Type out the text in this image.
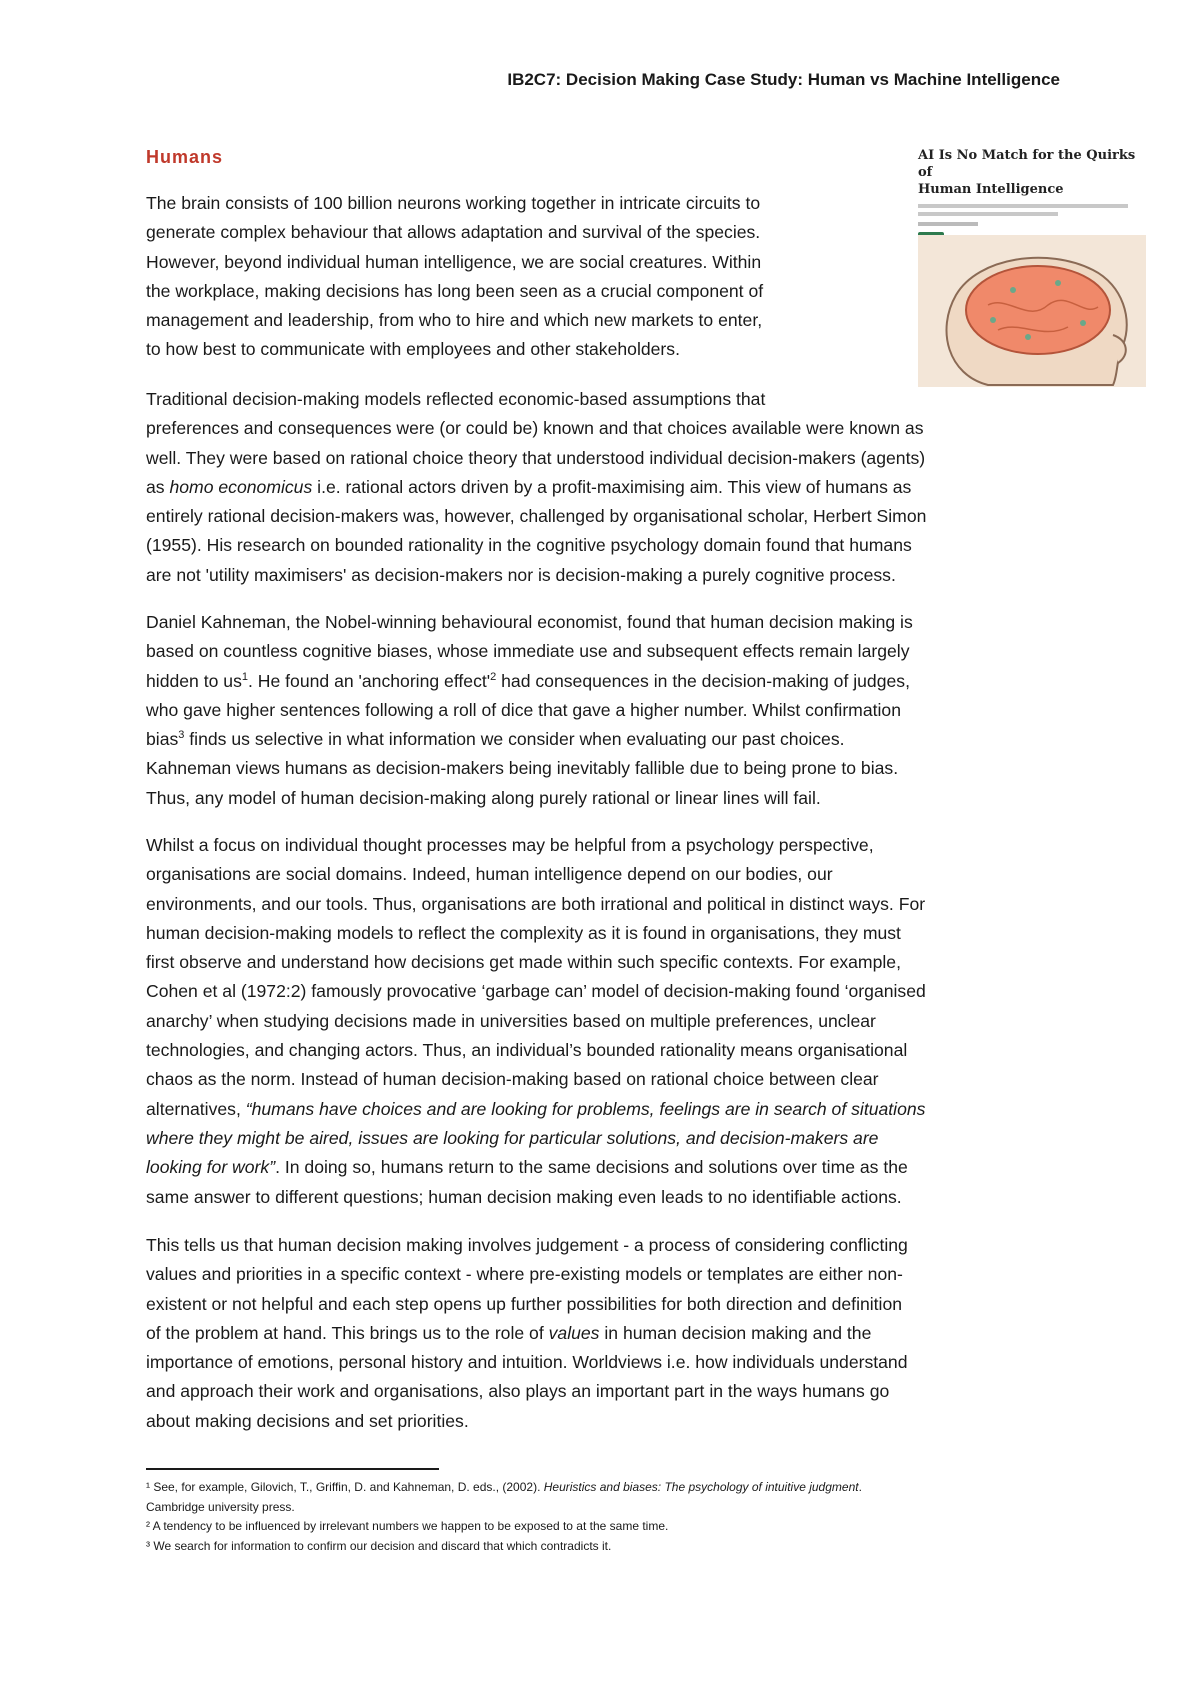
IB2C7: Decision Making Case Study: Human vs Machine Intelligence
Humans	AI Is No Match for the Quirks of
Human Intelligence
The brain consists of 100 billion neurons working together in intricate circuits to
generate complex behaviour that allows adaptation and survival of the species.
However, beyond individual human intelligence, we are social creatures. Within
the workplace, making decisions has long been seen as a crucial component of
management and leadership, from who to hire and which new markets to enter,
to how best to communicate with employees and other stakeholders.
Traditional decision-making models reflected economic-based assumptions that
preferences and consequences were (or could be) known and that choices available were known as
well. They were based on rational choice theory that understood individual decision-makers (agents)
as homo economicus i.e. rational actors driven by a profit-maximising aim. This view of humans as
entirely rational decision-makers was, however, challenged by organisational scholar, Herbert Simon
(1955). His research on bounded rationality in the cognitive psychology domain found that humans
are not 'utility maximisers' as decision-makers nor is decision-making a purely cognitive process.
Daniel Kahneman, the Nobel-winning behavioural economist, found that human decision making is
based on countless cognitive biases, whose immediate use and subsequent effects remain largely
hidden to $us^1$. He found an 'anchoring $effect'^2$ had consequences in the decision-making of judges,
who gave higher sentences following a roll of dice that gave a higher number. Whilst confirmation
bias$^3$ finds us selective in what information we consider when evaluating our past choices.
Kahneman views humans as decision-makers being inevitably fallible due to being prone to bias.
Thus, any model of human decision-making along purely rational or linear lines will fail.
Whilst a focus on individual thought processes may be helpful from a psychology perspective,
organisations are social domains. Indeed, human intelligence depend on our bodies, our
environments, and our tools. Thus, organisations are both irrational and political in distinct ways. For
human decision-making models to reflect the complexity as it is found in organisations, they must
first observe and understand how decisions get made within such specific contexts. For example,
Cohen et al (1972:2) famously provocative ‘garbage can’ model of decision-making found ‘organised
anarchy’ when studying decisions made in universities based on multiple preferences, unclear
technologies, and changing actors. Thus, an individual’s bounded rationality means organisational
chaos as the norm. Instead of human decision-making based on rational choice between clear
alternatives, “humans have choices and are looking for problems, feelings are in search of situations
where they might be aired, issues are looking for particular solutions, and decision-makers are
looking for work”. In doing so, humans return to the same decisions and solutions over time as the
same answer to different questions; human decision making even leads to no identifiable actions.
This tells us that human decision making involves judgement - a process of considering conflicting
values and priorities in a specific context - where pre-existing models or templates are either non-
existent or not helpful and each step opens up further possibilities for both direction and definition
of the problem at hand. This brings us to the role of values in human decision making and the
importance of emotions, personal history and intuition. Worldviews i.e. how individuals understand
and approach their work and organisations, also plays an important part in the ways humans go
about making decisions and set priorities.
¹ See, for example, Gilovich, T., Griffin, D. and Kahneman, D. eds., (2002). Heuristics and biases: The psychology of intuitive judgment.
Cambridge university press.
² A tendency to be influenced by irrelevant numbers we happen to be exposed to at the same time.
³ We search for information to confirm our decision and discard that which contradicts it.
